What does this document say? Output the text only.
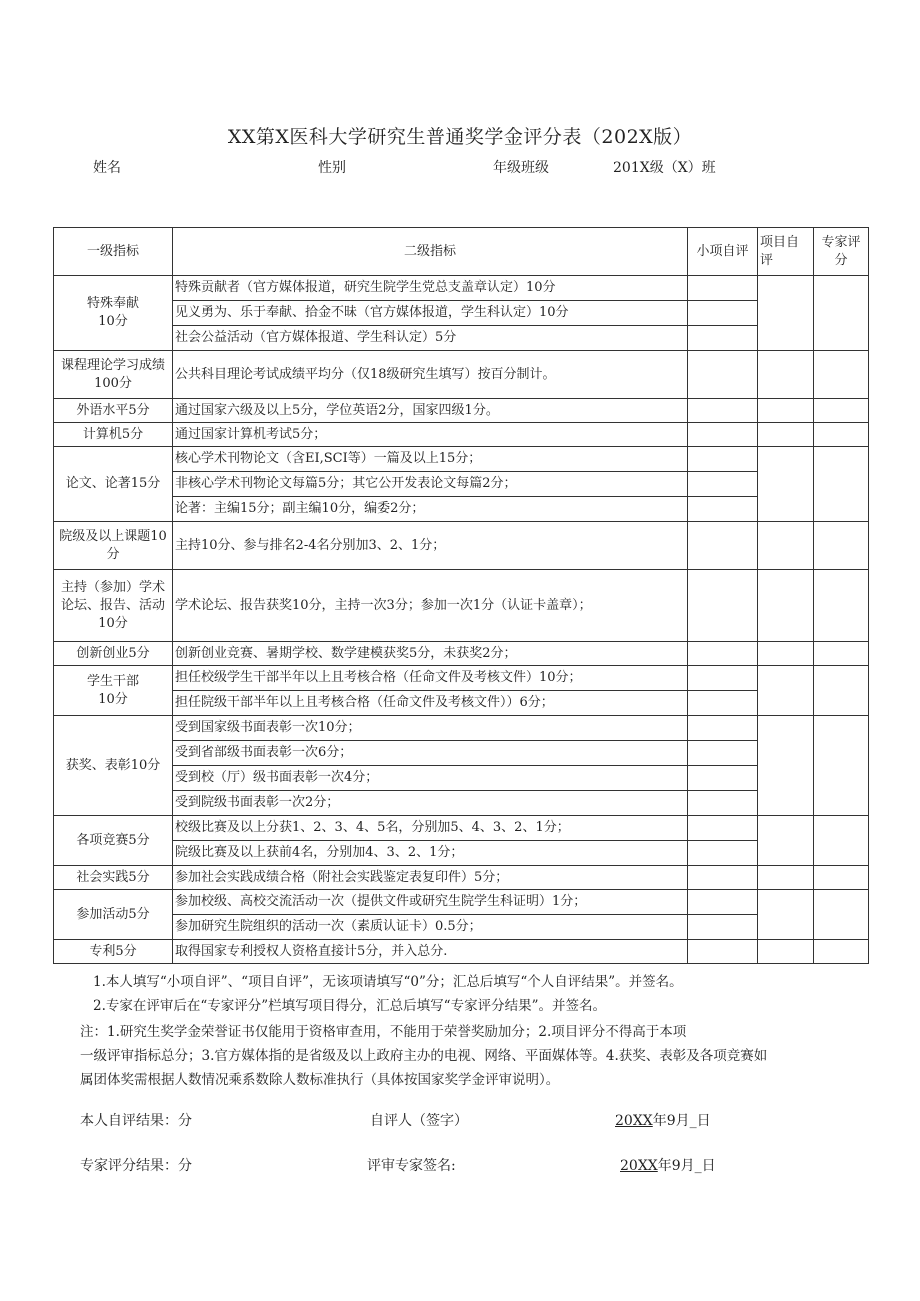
XX第X医科大学研究生普通奖学金评分表（202X版）
姓名	性别	年级班级	201X级（X）班
一级指标	二级指标	小项自评	项目自评	专家评分
特殊奉献
10分	特殊贡献者（官方媒体报道，研究生院学生党总支盖章认定）10分			
	见义勇为、乐于奉献、拾金不昧（官方媒体报道，学生科认定）10分			
	社会公益活动（官方媒体报道、学生科认定）5分			
课程理论学习成绩100分	公共科目理论考试成绩平均分（仅18级研究生填写）按百分制计。			
外语水平5分	通过国家六级及以上5分，学位英语2分，国家四级1分。			
计算机5分	通过国家计算机考试5分；			
论文、论著15分	核心学术刊物论文（含EI,SCI等）一篇及以上15分；			
	非核心学术刊物论文每篇5分；其它公开发表论文每篇2分；			
	论著：主编15分；副主编10分，编委2分；			
院级及以上课题10分	主持10分、参与排名2-4名分别加3、2、1分；			
主持（参加）学术论坛、报告、活动10分	学术论坛、报告获奖10分，主持一次3分；参加一次1分（认证卡盖章）；			
创新创业5分	创新创业竞赛、暑期学校、数学建模获奖5分，未获奖2分；			
学生干部
10分	担任校级学生干部半年以上且考核合格（任命文件及考核文件）10分；			
	担任院级干部半年以上且考核合格（任命文件及考核文件））6分；			
获奖、表彰10分	受到国家级书面表彰一次10分；			
	受到省部级书面表彰一次6分；			
	受到校（厅）级书面表彰一次4分；			
	受到院级书面表彰一次2分；			
各项竞赛5分	校级比赛及以上分获1、2、3、4、5名，分别加5、4、3、2、1分；			
	院级比赛及以上获前4名，分别加4、3、2、1分；			
社会实践5分	参加社会实践成绩合格（附社会实践鉴定表复印件）5分；			
参加活动5分	参加校级、高校交流活动一次（提供文件或研究生院学生科证明）1分；			
	参加研究生院组织的活动一次（素质认证卡）0.5分；			
专利5分	取得国家专利授权人资格直接计5分，并入总分.			
1.本人填写“小项自评”、“项目自评”，无该项请填写“0”分；汇总后填写“个人自评结果”。并签名。
2.专家在评审后在“专家评分”栏填写项目得分，汇总后填写“专家评分结果”。并签名。
注：1.研究生奖学金荣誉证书仅能用于资格审查用，不能用于荣誉奖励加分；2.项目评分不得高于本项
一级评审指标总分；3.官方媒体指的是省级及以上政府主办的电视、网络、平面媒体等。4.获奖、表彰及各项竞赛如
属团体奖需根据人数情况乘系数除人数标准执行（具体按国家奖学金评审说明）。
本人自评结果：分	自评人（签字）	20XX年9月_日
专家评分结果：分	评审专家签名:	20XX年9月_日
